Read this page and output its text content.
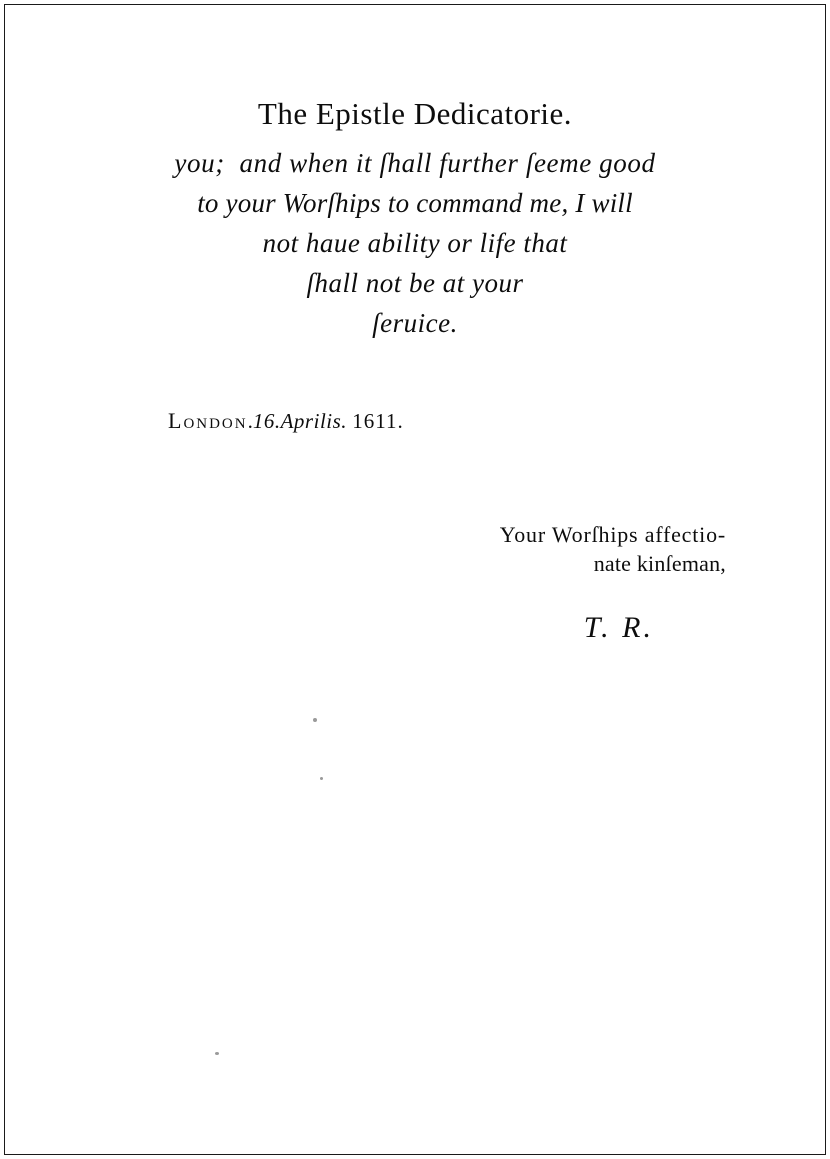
The Epistle Dedicatorie.
you;  and when it ſhall further ſeeme good
to your Worſhips to command me, I will
not haue ability or life that
ſhall not be at your
ſeruice.
London.16.Aprilis. 1611.
Your Worſhips affectio-
nate kinſeman,
T. R.
